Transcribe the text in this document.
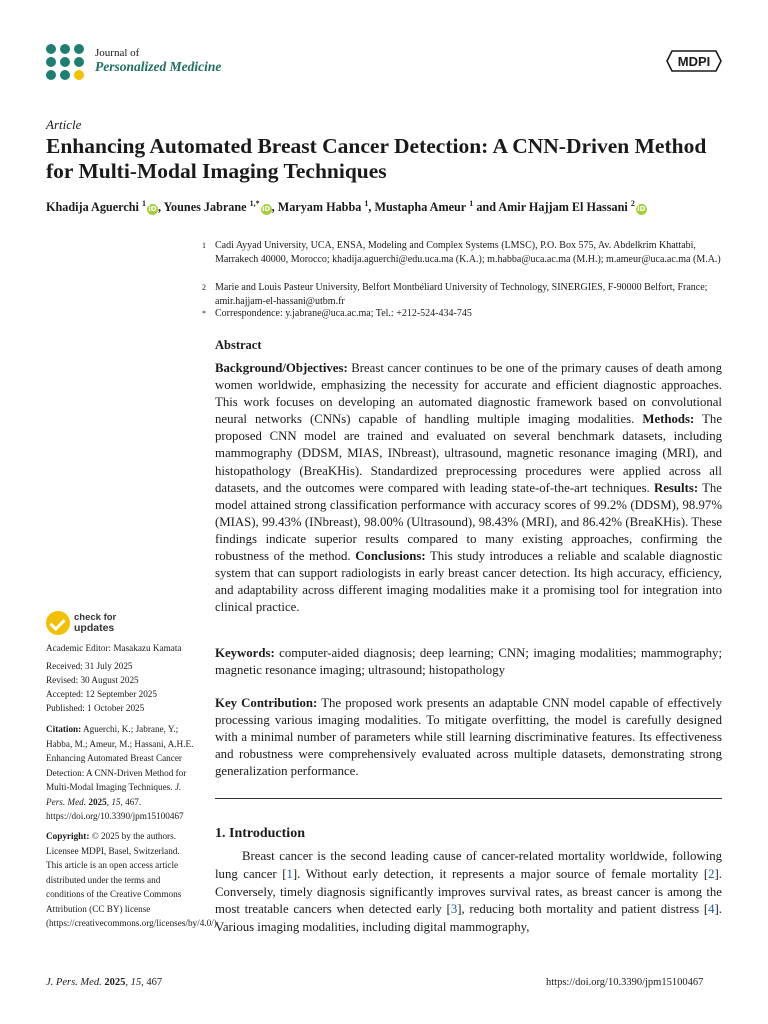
Journal of
Personalized Medicine	MDPI
Article
Enhancing Automated Breast Cancer Detection: A CNN-Driven Method for Multi-Modal Imaging Techniques
Khadija Aguerchi $^1$iD, Younes Jabrane $^{1,*}$iD, Maryam Habba $^1$, Mustapha Ameur $^1$ and Amir Hajjam El Hassani $^2$iD
1 Cadi Ayyad University, UCA, ENSA, Modeling and Complex Systems (LMSC), P.O. Box 575, Av. Abdelkrim Khattabi, Marrakech 40000, Morocco; khadija.aguerchi@edu.uca.ma (K.A.); m.habba@uca.ac.ma (M.H.); m.ameur@uca.ac.ma (M.A.)
2 Marie and Louis Pasteur University, Belfort Montbéliard University of Technology, SINERGIES, F-90000 Belfort, France; amir.hajjam-el-hassani@utbm.fr
* Correspondence: y.jabrane@uca.ac.ma; Tel.: +212-524-434-745
Abstract
Background/Objectives: Breast cancer continues to be one of the primary causes of death among women worldwide, emphasizing the necessity for accurate and efficient diagnostic approaches. This work focuses on developing an automated diagnostic framework based on convolutional neural networks (CNNs) capable of handling multiple imaging modalities. Methods: The proposed CNN model are trained and evaluated on several benchmark datasets, including mammography (DDSM, MIAS, INbreast), ultrasound, magnetic resonance imaging (MRI), and histopathology (BreaKHis). Standardized preprocessing procedures were applied across all datasets, and the outcomes were compared with leading state-of-the-art techniques. Results: The model attained strong classification performance with accuracy scores of 99.2% (DDSM), 98.97% (MIAS), 99.43% (INbreast), 98.00% (Ultrasound), 98.43% (MRI), and 86.42% (BreaKHis). These findings indicate superior results compared to many existing approaches, confirming the robustness of the method. Conclusions: This study introduces a reliable and scalable diagnostic system that can support radiologists in early breast cancer detection. Its high accuracy, efficiency, and adaptability across different imaging modalities make it a promising tool for integration into clinical practice.
Keywords: computer-aided diagnosis; deep learning; CNN; imaging modalities; mammography; magnetic resonance imaging; ultrasound; histopathology
Key Contribution: The proposed work presents an adaptable CNN model capable of effectively processing various imaging modalities. To mitigate overfitting, the model is carefully designed with a minimal number of parameters while still learning discriminative features. Its effectiveness and robustness were comprehensively evaluated across multiple datasets, demonstrating strong generalization performance.
1. Introduction
Breast cancer is the second leading cause of cancer-related mortality worldwide, following lung cancer [1]. Without early detection, it represents a major source of female mortality [2]. Conversely, timely diagnosis significantly improves survival rates, as breast cancer is among the most treatable cancers when detected early [3], reducing both mortality and patient distress [4]. Various imaging modalities, including digital mammography,
check for
updates
Academic Editor: Masakazu Kamata
Received: 31 July 2025
Revised: 30 August 2025
Accepted: 12 September 2025
Published: 1 October 2025
Citation: Aguerchi, K.; Jabrane, Y.; Habba, M.; Ameur, M.; Hassani, A.H.E. Enhancing Automated Breast Cancer Detection: A CNN-Driven Method for Multi-Modal Imaging Techniques. J. Pers. Med. 2025, 15, 467. https://doi.org/10.3390/jpm15100467
Copyright: © 2025 by the authors. Licensee MDPI, Basel, Switzerland. This article is an open access article distributed under the terms and conditions of the Creative Commons Attribution (CC BY) license (https://creativecommons.org/licenses/by/4.0/).
J. Pers. Med. 2025, 15, 467	https://doi.org/10.3390/jpm15100467
